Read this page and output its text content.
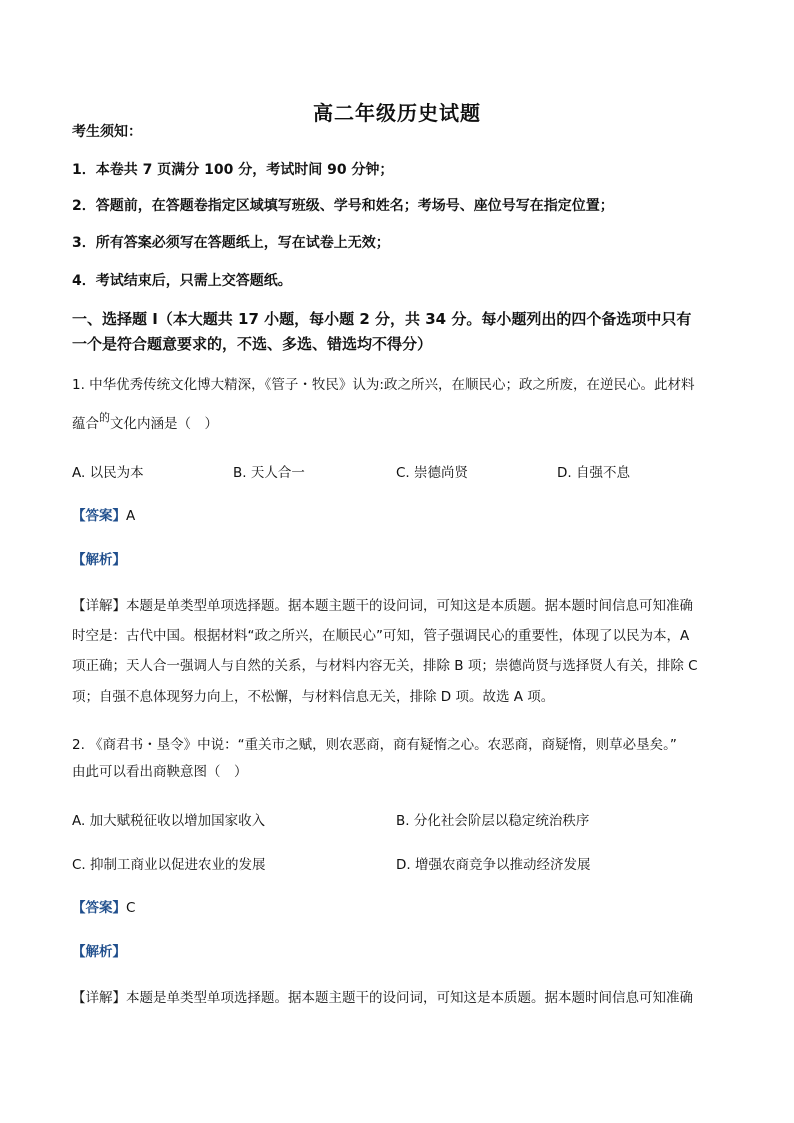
高二年级历史试题
考生须知：
1．本卷共 7 页满分 100 分，考试时间 90 分钟；
2．答题前，在答题卷指定区域填写班级、学号和姓名；考场号、座位号写在指定位置；
3．所有答案必须写在答题纸上，写在试卷上无效；
4．考试结束后，只需上交答题纸。
一、选择题 I（本大题共 17 小题，每小题 2 分，共 34 分。每小题列出的四个备选项中只有
一个是符合题意要求的，不选、多选、错选均不得分）
1. 中华优秀传统文化博大精深，《管子・牧民》认为:政之所兴，在顺民心；政之所废，在逆民心。此材料
蕴合$^的$文化内涵是（　）
A. 以民为本	B. 天人合一	C. 崇德尚贤	D. 自强不息
【答案】A
【解析】
【详解】本题是单类型单项选择题。据本题主题干的设问词，可知这是本质题。据本题时间信息可知准确
时空是：古代中国。根据材料“政之所兴，在顺民心”可知，管子强调民心的重要性，体现了以民为本，A
项正确；天人合一强调人与自然的关系，与材料内容无关，排除 B 项；崇德尚贤与选择贤人有关，排除 C
项；自强不息体现努力向上，不松懈，与材料信息无关，排除 D 项。故选 A 项。
2. 《商君书・垦令》中说：“重关市之赋，则农恶商，商有疑惰之心。农恶商，商疑惰，则草必垦矣。”
由此可以看出商鞅意图（　）
A. 加大赋税征收以增加国家收入	B. 分化社会阶层以稳定统治秩序
C. 抑制工商业以促进农业的发展	D. 增强农商竞争以推动经济发展
【答案】C
【解析】
【详解】本题是单类型单项选择题。据本题主题干的设问词，可知这是本质题。据本题时间信息可知准确
